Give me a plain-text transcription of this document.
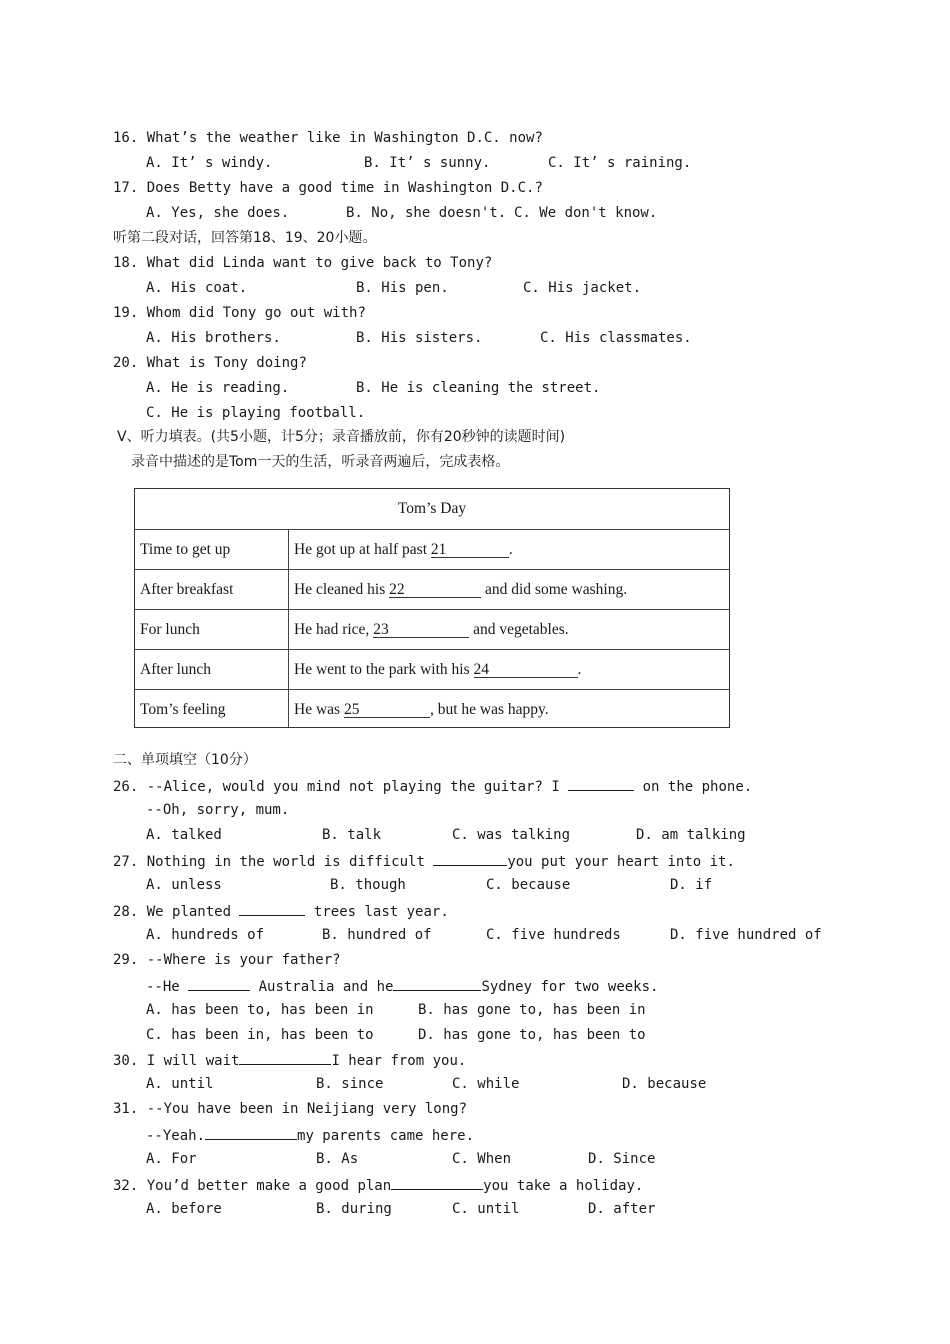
16. What’s the weather like in Washington D.C. now?
A. It’ s windy.	B. It’ s sunny.	C. It’ s raining.
17. Does Betty have a good time in Washington D.C.?
A. Yes, she does.	B. No, she doesn't. C. We don't know.
听第二段对话，回答第18、19、20小题。
18. What did Linda want to give back to Tony?
A. His coat.	B. His pen.	C. His jacket.
19. Whom did Tony go out with?
A. His brothers.	B. His sisters.	C. His classmates.
20. What is Tony doing?
A. He is reading.	B. He is cleaning the street.
C. He is playing football.
Ⅴ、听力填表。(共5小题，计5分；录音播放前，你有20秒钟的读题时间)
录音中描述的是Tom一天的生活，听录音两遍后，完成表格。
Tom’s Day
Time to get up	He got up at half past 21	.
After breakfast	He cleaned his 22	and did some washing.
For lunch	He had rice, 23	and vegetables.
After lunch	He went to the park with his 24	.
Tom’s feeling	He was 25	, but he was happy.
二、单项填空（10分）
26. --Alice, would you mind not playing the guitar? I	on the phone.
--Oh, sorry, mum.
A. talked	B. talk	C. was talking	D. am talking
27. Nothing in the world is difficult	you put your heart into it.
A. unless	B. though	C. because	D. if
28. We planted	trees last year.
A. hundreds of	B. hundred of	C. five hundreds	D. five hundred of
29. --Where is your father?
--He	Australia and he	Sydney for two weeks.
A. has been to, has been in	B. has gone to, has been in
C. has been in, has been to	D. has gone to, has been to
30. I will wait	I hear from you.
A. until	B. since	C. while	D. because
31. --You have been in Neijiang very long?
--Yeah.	my parents came here.
A. For	B. As	C. When	D. Since
32. You’d better make a good plan	you take a holiday.
A. before	B. during	C. until	D. after
